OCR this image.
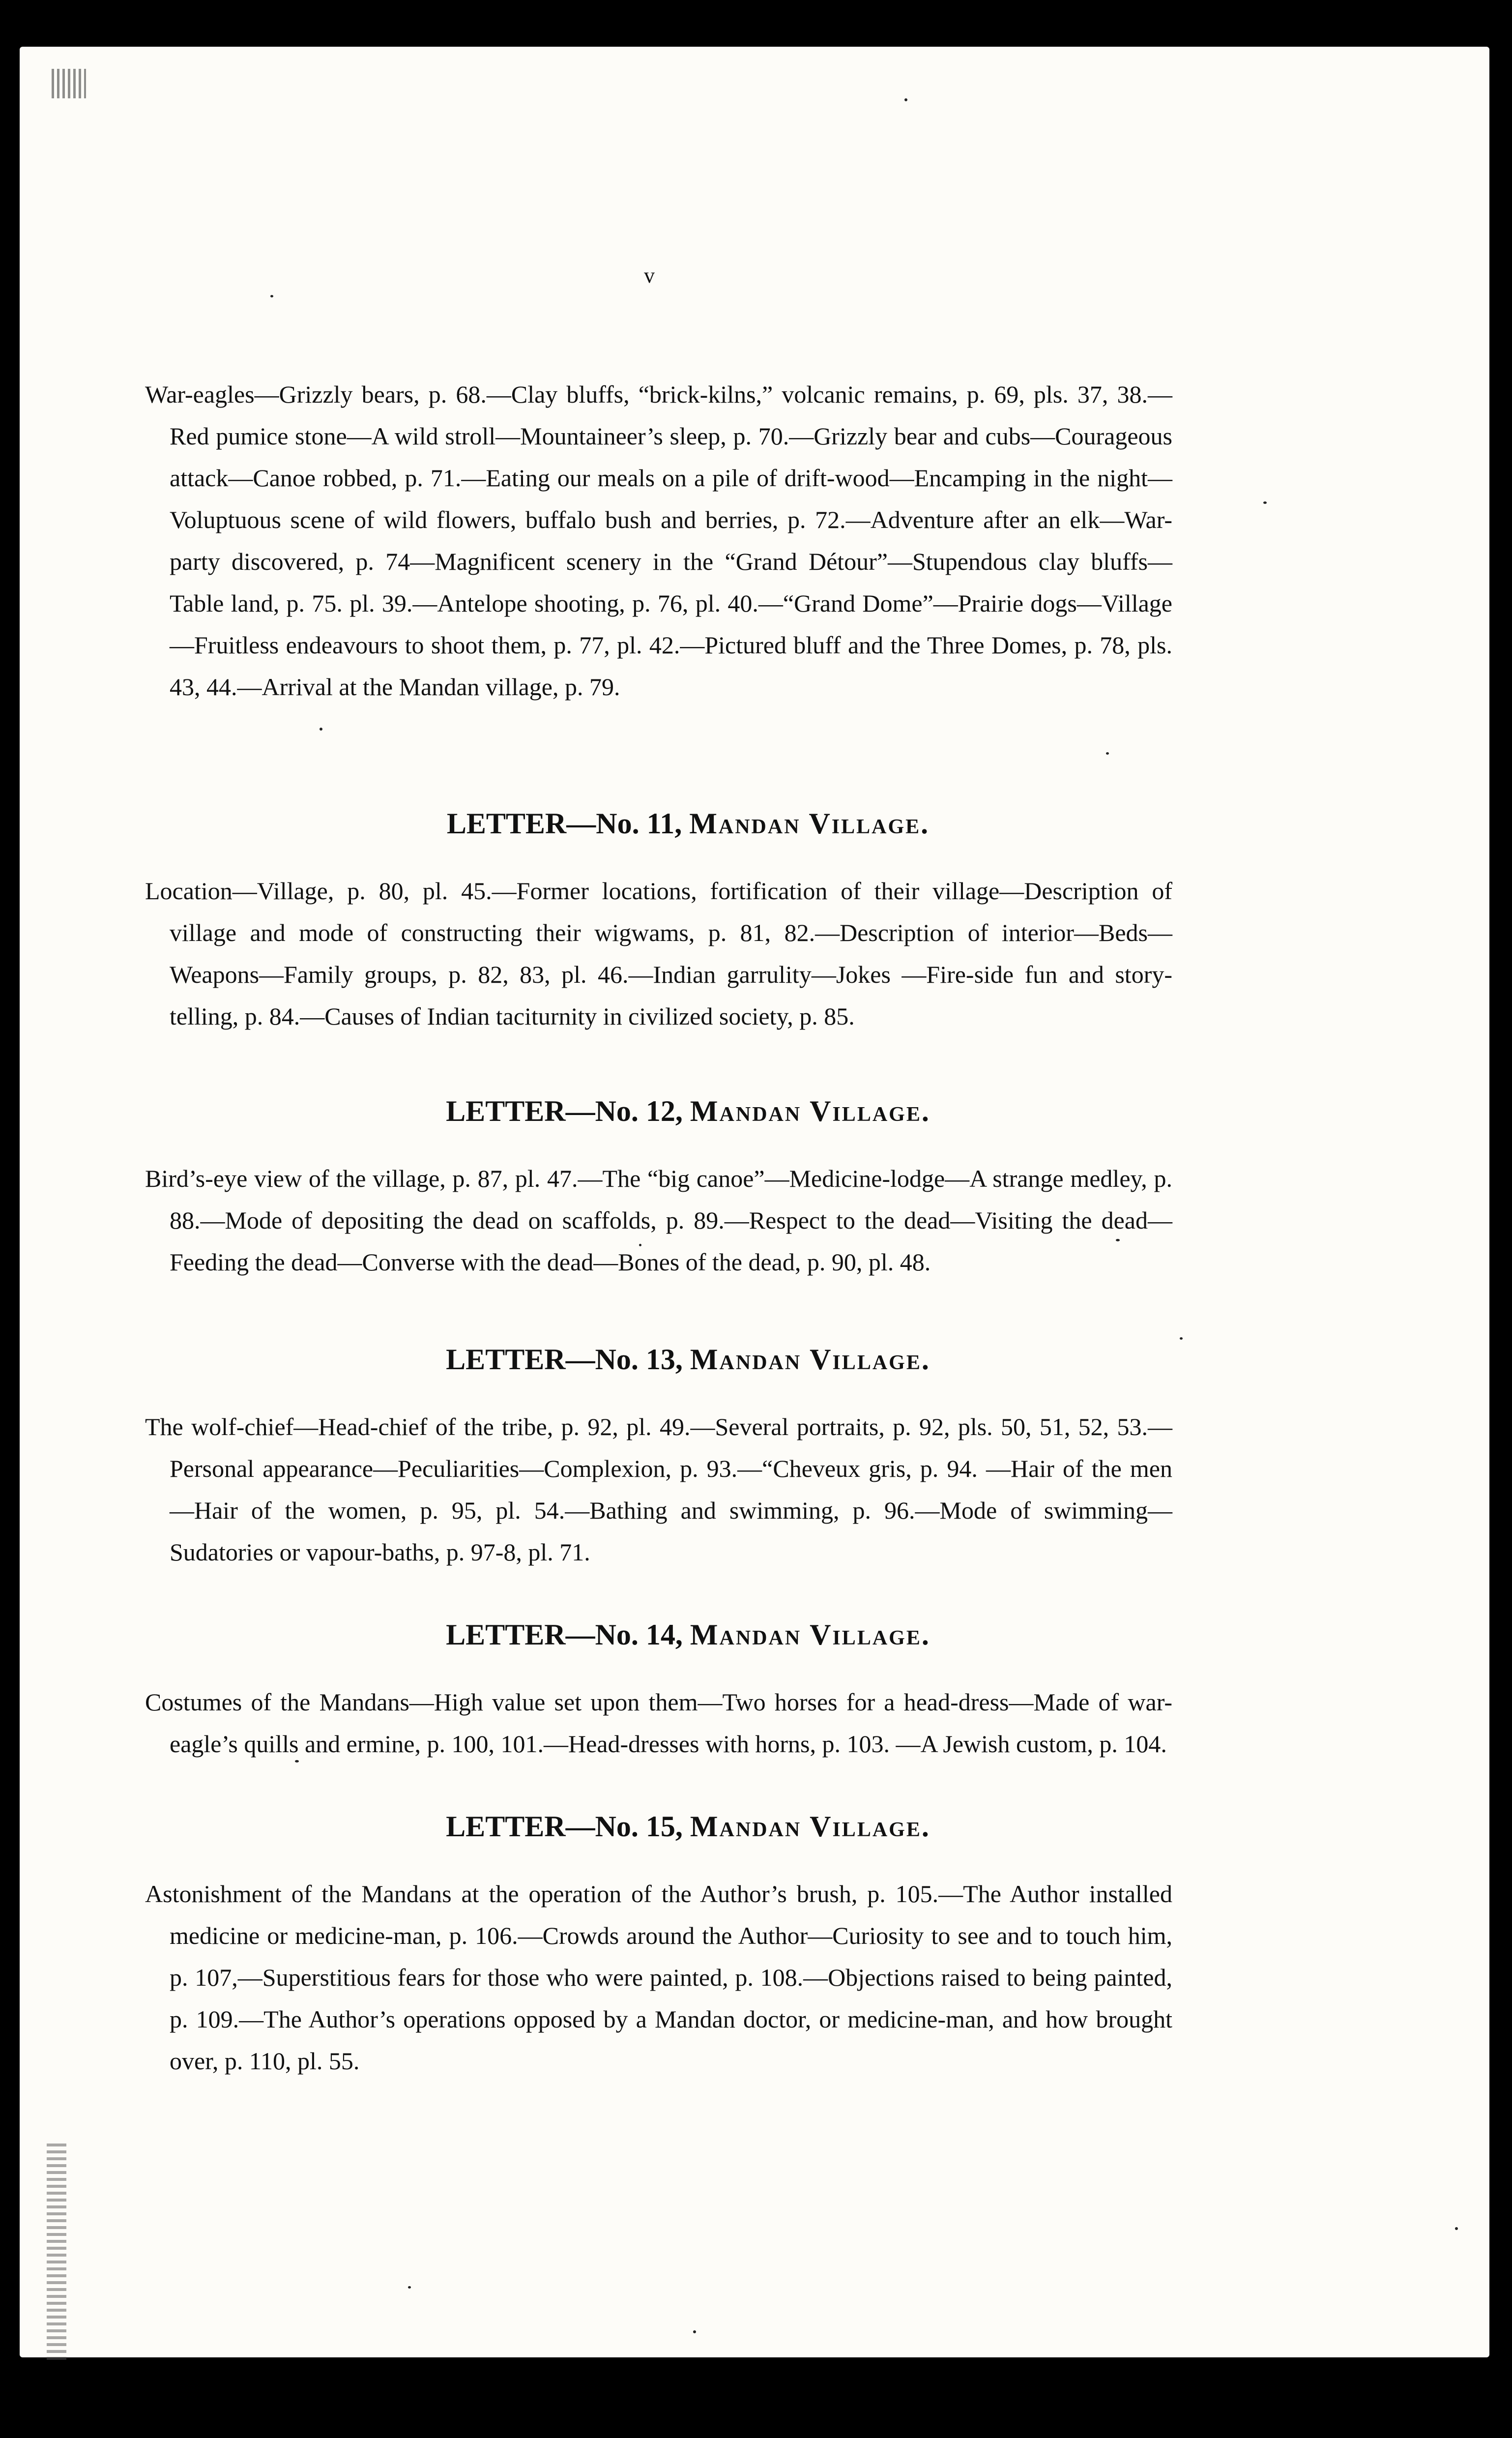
v

War-eagles—Grizzly bears, p. 68.—Clay bluffs, “brick-kilns,” volcanic remains, p. 69, pls. 37, 38.—Red pumice stone—A wild stroll—Mountaineer’s sleep, p. 70.—Grizzly bear and cubs—Courageous attack—Canoe robbed, p. 71.—Eating our meals on a pile of drift-wood—Encamping in the night—Voluptuous scene of wild flowers, buffalo bush and berries, p. 72.—Adventure after an elk—War-party discovered, p. 74—Magnificent scenery in the “Grand Détour”—Stupendous clay bluffs—Table land, p. 75. pl. 39.—Antelope shooting, p. 76, pl. 40.—“Grand Dome”—Prairie dogs—Village—Fruitless endeavours to shoot them, p. 77, pl. 42.—Pictured bluff and the Three Domes, p. 78, pls. 43, 44.—Arrival at the Mandan village, p. 79.

LETTER—No. 11, Mandan Village.

Location—Village, p. 80, pl. 45.—Former locations, fortification of their village—Description of village and mode of constructing their wigwams, p. 81, 82.—Description of interior—Beds—Weapons—Family groups, p. 82, 83, pl. 46.—Indian garrulity—Jokes —Fire-side fun and story-telling, p. 84.—Causes of Indian taciturnity in civilized society, p. 85.

LETTER—No. 12, Mandan Village.

Bird’s-eye view of the village, p. 87, pl. 47.—The “big canoe”—Medicine-lodge—A strange medley, p. 88.—Mode of depositing the dead on scaffolds, p. 89.—Respect to the dead—Visiting the dead—Feeding the dead—Converse with the dead—Bones of the dead, p. 90, pl. 48.

LETTER—No. 13, Mandan Village.

The wolf-chief—Head-chief of the tribe, p. 92, pl. 49.—Several portraits, p. 92, pls. 50, 51, 52, 53.—Personal appearance—Peculiarities—Complexion, p. 93.—“Cheveux gris, p. 94. —Hair of the men—Hair of the women, p. 95, pl. 54.—Bathing and swimming, p. 96.—Mode of swimming—Sudatories or vapour-baths, p. 97-8, pl. 71.

LETTER—No. 14, Mandan Village.

Costumes of the Mandans—High value set upon them—Two horses for a head-dress—Made of war-eagle’s quills and ermine, p. 100, 101.—Head-dresses with horns, p. 103. —A Jewish custom, p. 104.

LETTER—No. 15, Mandan Village.

Astonishment of the Mandans at the operation of the Author’s brush, p. 105.—The Author installed medicine or medicine-man, p. 106.—Crowds around the Author—Curiosity to see and to touch him, p. 107,—Superstitious fears for those who were painted, p. 108.—Objections raised to being painted, p. 109.—The Author’s operations opposed by a Mandan doctor, or medicine-man, and how brought over, p. 110, pl. 55.
